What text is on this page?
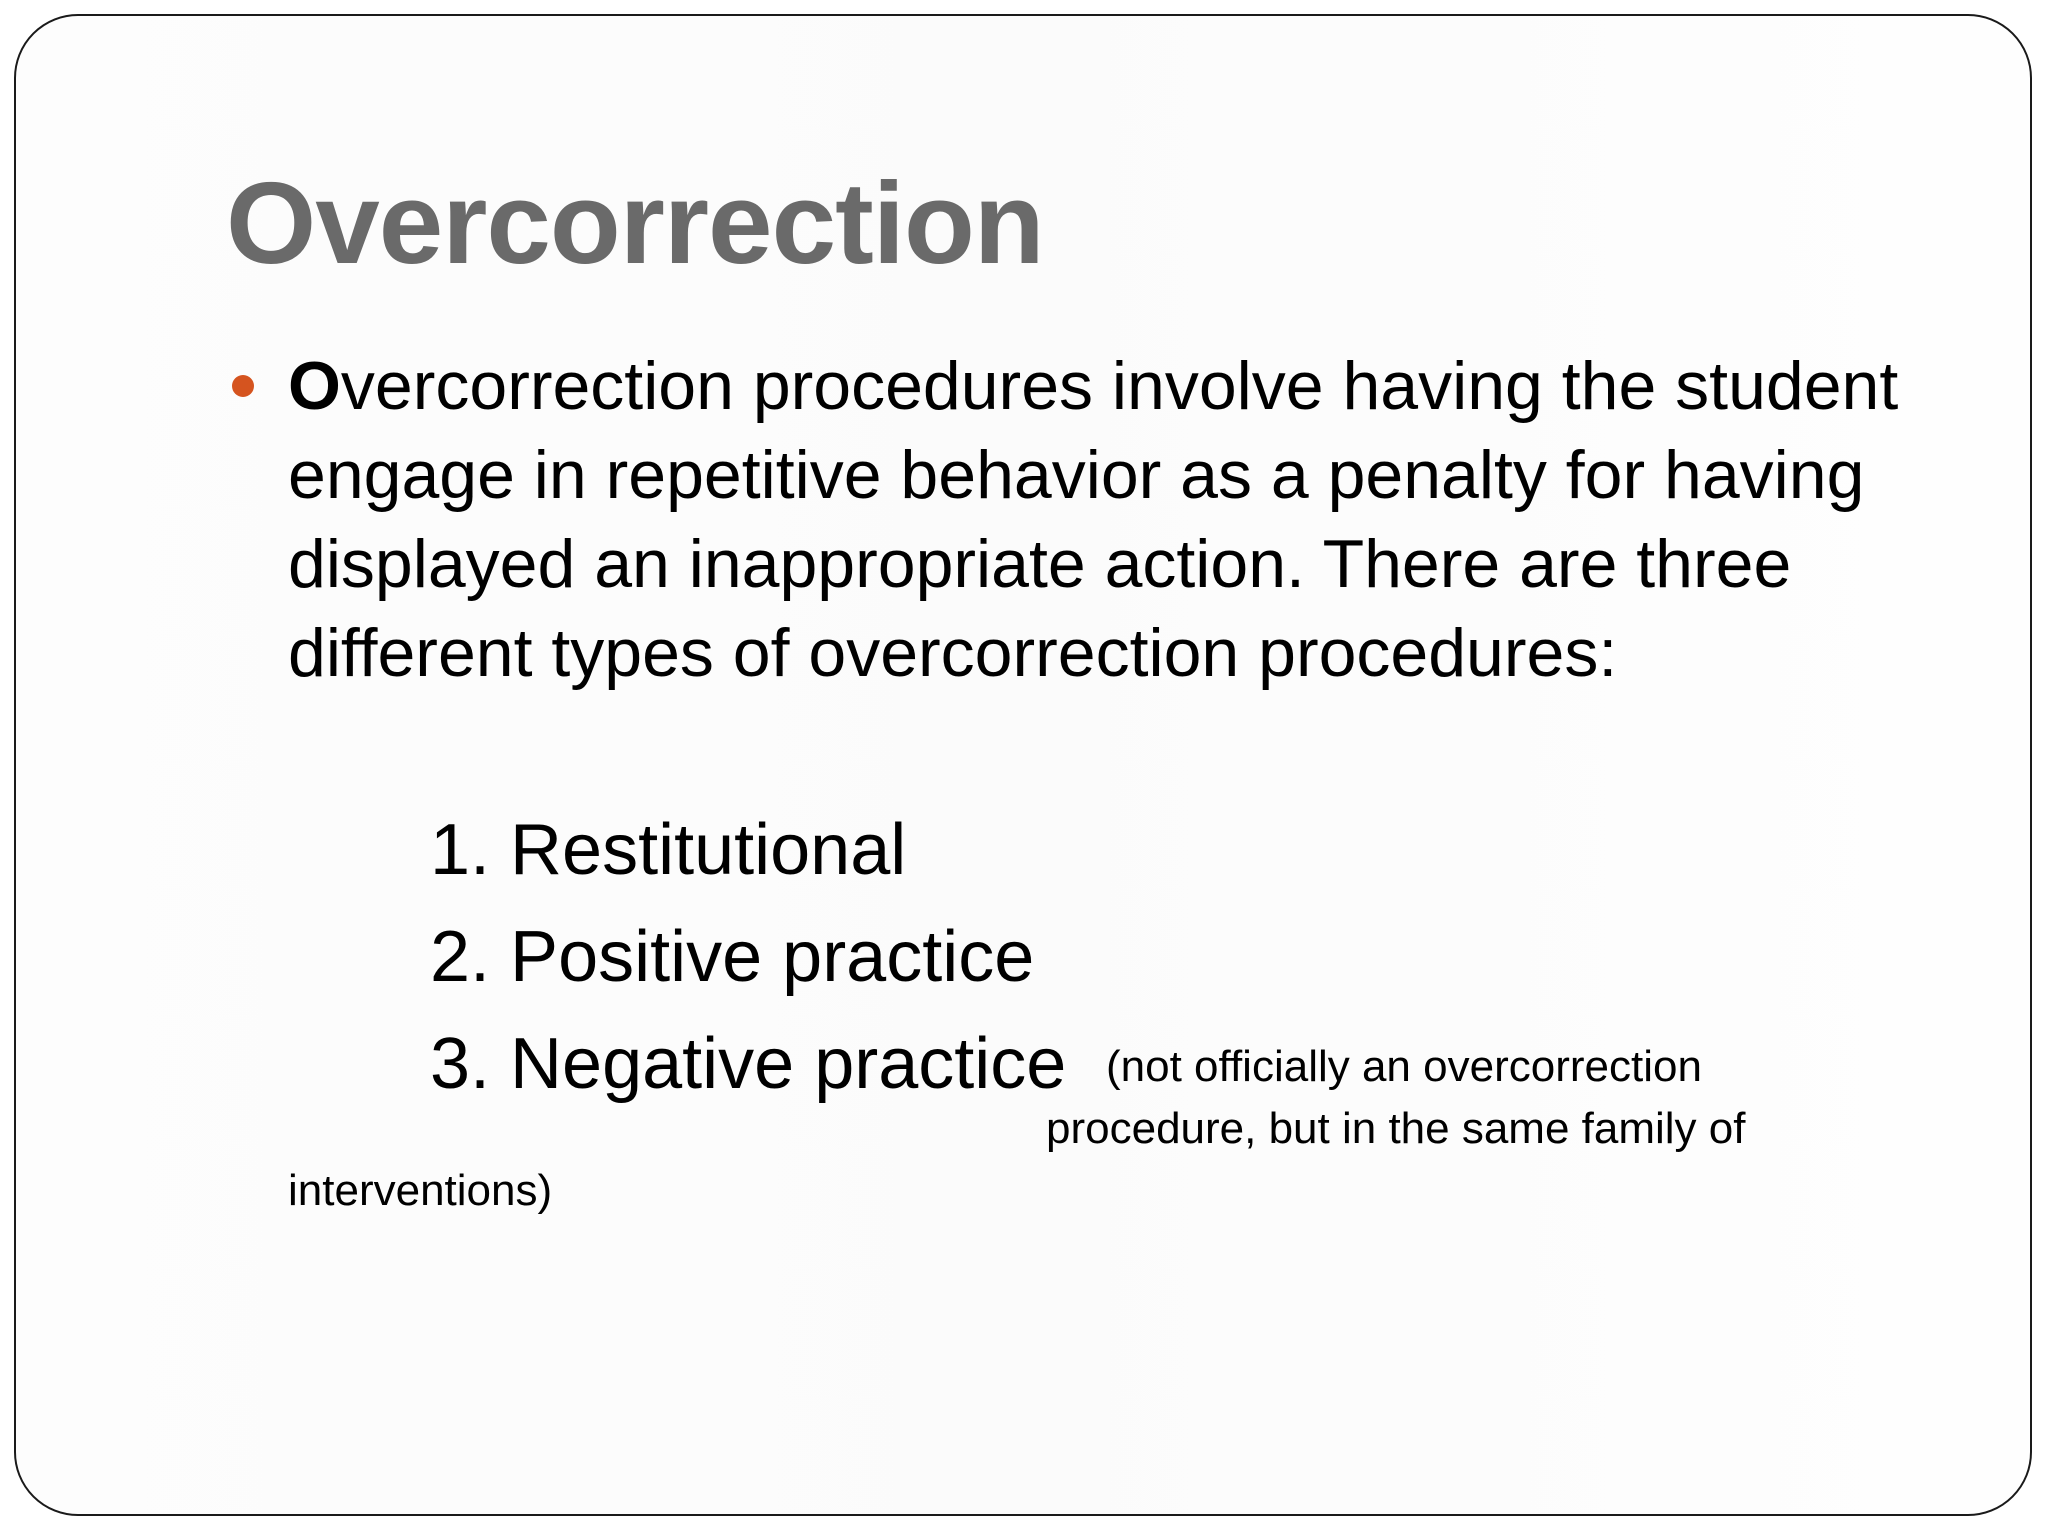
Overcorrection

Overcorrection procedures involve having the student engage in repetitive behavior as a penalty for having displayed an inappropriate action. There are three different types of overcorrection procedures:

1. Restitutional
2. Positive practice
3. Negative practice (not officially an overcorrection
procedure, but in the same family of
interventions)
